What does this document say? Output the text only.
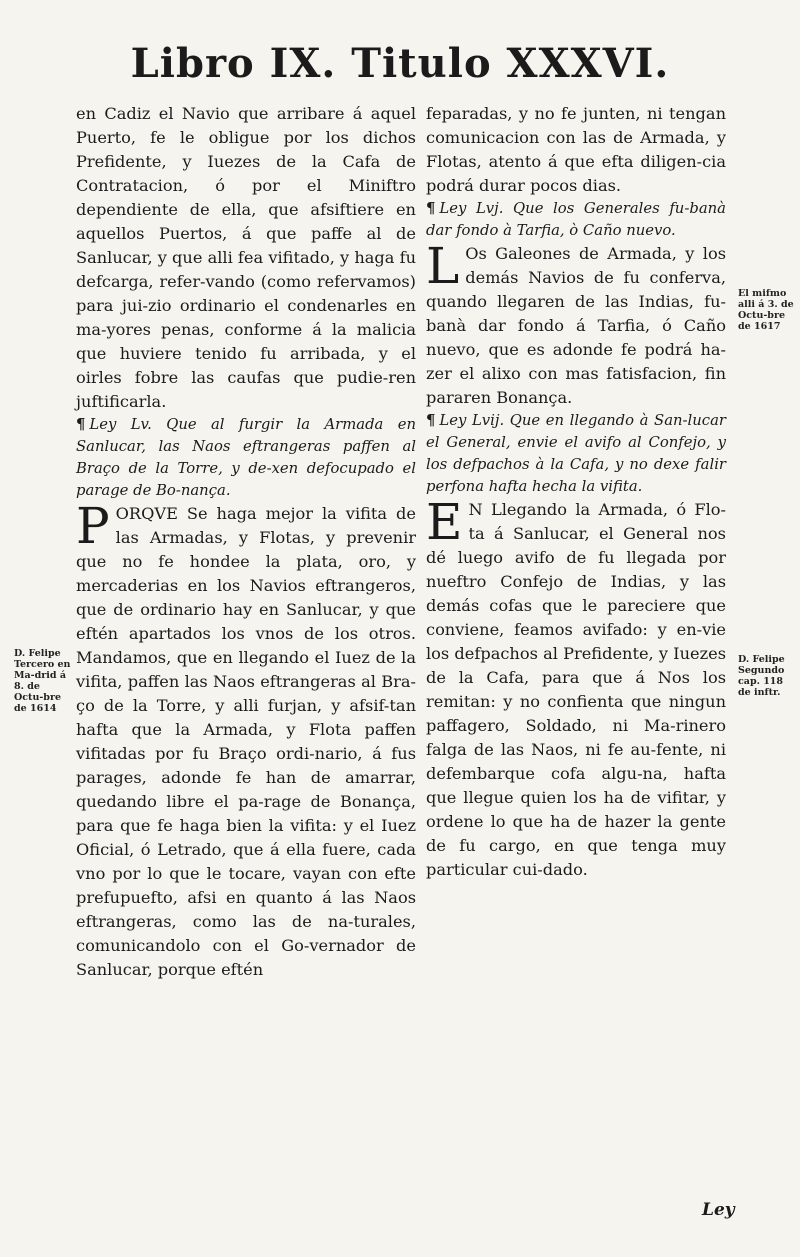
Libro IX. Titulo XXXVI.

en Cadiz el Navio que arribare á aquel Puerto, fe le obligue por los dichos Prefidente, y Iuezes de la Cafa de Contratacion, ó por el Miniftro dependiente de ella, que afsiftiere en aquellos Puertos, á que paffe al de Sanlucar, y que alli fea vifitado, y haga fu defcarga, refer-vando (como refervamos) para jui-zio ordinario el condenarles en ma-yores penas, conforme á la malicia que huviere tenido fu arribada, y el oirles fobre las caufas que pudie-ren juftificarla.

¶ Ley Lv. Que al furgir la Armada en Sanlucar, las Naos eftrangeras paffen al Braço de la Torre, y de-xen defocupado el parage de Bo-nança.

PORQVE Se haga mejor la vifita de las Armadas, y Flotas, y prevenir que no fe hondee la plata, oro, y mercaderias en los Navios eftrangeros, que de ordinario hay en Sanlucar, y que eftén apartados los vnos de los otros. Mandamos, que en llegando el Iuez de la vifita, paffen las Naos eftrangeras al Bra-ço de la Torre, y alli furjan, y afsif-tan hafta que la Armada, y Flota paffen vifitadas por fu Braço ordi-nario, á fus parages, adonde fe han de amarrar, quedando libre el pa-rage de Bonança, para que fe haga bien la vifita: y el Iuez Oficial, ó Letrado, que á ella fuere, cada vno por lo que le tocare, vayan con efte prefupuefto, afsi en quanto á las Naos eftrangeras, como las de na-turales, comunicandolo con el Go-vernador de Sanlucar, porque eftén
D. Felipe Tercero en Ma-drid á 8. de Octu-bre de 1614

feparadas, y no fe junten, ni tengan comunicacion con las de Armada, y Flotas, atento á que efta diligen-cia podrá durar pocos dias.

¶ Ley Lvj. Que los Generales fu-banà dar fondo à Tarfia, ò Caño nuevo.

L Os Galeones de Armada, y los demás Navios de fu conferva, quando llegaren de las Indias, fu-banà dar fondo á Tarfia, ó Caño nuevo, que es adonde fe podrá ha-zer el alixo con mas fatisfacion, fin pararen Bonança.

¶ Ley Lvij. Que en llegando à San-lucar el General, envie el avifo al Confejo, y los defpachos à la Cafa, y no dexe falir perfona hafta hecha la vifita.

E N Llegando la Armada, ó Flo-ta á Sanlucar, el General nos dé luego avifo de fu llegada por nueftro Confejo de Indias, y las demás cofas que le pareciere que conviene, feamos avifado: y en-vie los defpachos al Prefidente, y Iuezes de la Cafa, para que á Nos los remitan: y no confienta que ningun paffagero, Soldado, ni Ma-rinero falga de las Naos, ni fe au-fente, ni defembarque cofa algu-na, hafta que llegue quien los ha de vifitar, y ordene lo que ha de hazer la gente de fu cargo, en que tenga muy particular cui-dado.
El mifmo alli á 3. de Octu-bre de 1617
D. Felipe Segundo cap. 118 de inftr.
Ley
